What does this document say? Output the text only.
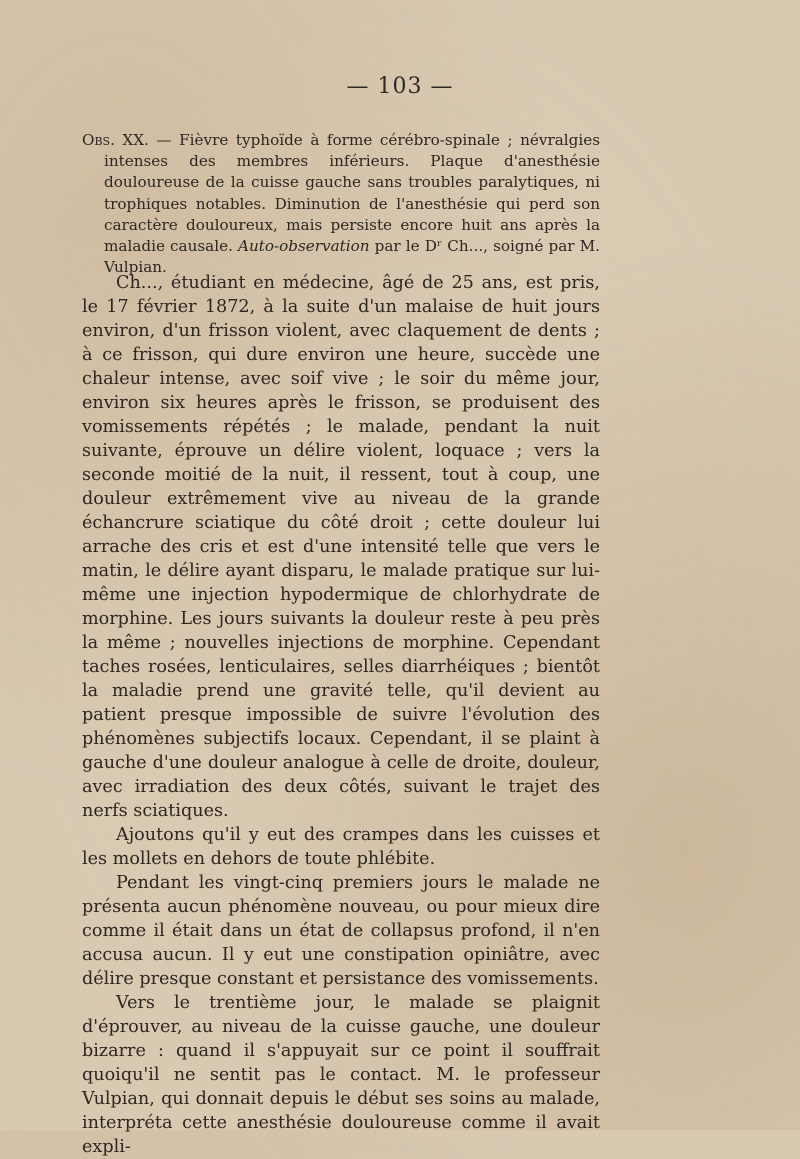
— 103 —

Obs. XX. — Fièvre typhoïde à forme cérébro-spinale ; névralgies intenses des membres inférieurs. Plaque d'anesthésie douloureuse de la cuisse gauche sans troubles paralytiques, ni trophiques notables. Diminution de l'anesthésie qui perd son caractère douloureux, mais persiste encore huit ans après la maladie causale. Auto-observation par le Dʳ Ch..., soigné par M. Vulpian.

Ch..., étudiant en médecine, âgé de 25 ans, est pris, le 17 février 1872, à la suite d'un malaise de huit jours environ, d'un frisson violent, avec claquement de dents ; à ce frisson, qui dure environ une heure, succède une chaleur intense, avec soif vive ; le soir du même jour, environ six heures après le frisson, se produisent des vomissements répétés ; le malade, pendant la nuit suivante, éprouve un délire violent, loquace ; vers la seconde moitié de la nuit, il ressent, tout à coup, une douleur extrêmement vive au niveau de la grande échancrure sciatique du côté droit ; cette douleur lui arrache des cris et est d'une intensité telle que vers le matin, le délire ayant disparu, le malade pratique sur lui-même une injection hypodermique de chlorhydrate de morphine. Les jours suivants la douleur reste à peu près la même ; nouvelles injections de morphine. Cependant taches rosées, lenticulaires, selles diarrhéiques ; bientôt la maladie prend une gravité telle, qu'il devient au patient presque impossible de suivre l'évolution des phénomènes subjectifs locaux. Cependant, il se plaint à gauche d'une douleur analogue à celle de droite, douleur, avec irradiation des deux côtés, suivant le trajet des nerfs sciatiques.

Ajoutons qu'il y eut des crampes dans les cuisses et les mollets en dehors de toute phlébite.

Pendant les vingt-cinq premiers jours le malade ne présenta aucun phénomène nouveau, ou pour mieux dire comme il était dans un état de collapsus profond, il n'en accusa aucun. Il y eut une constipation opiniâtre, avec délire presque constant et persistance des vomissements.

Vers le trentième jour, le malade se plaignit d'éprouver, au niveau de la cuisse gauche, une douleur bizarre : quand il s'appuyait sur ce point il souffrait quoiqu'il ne sentit pas le contact. M. le professeur Vulpian, qui donnait depuis le début ses soins au malade, interpréta cette anesthésie douloureuse comme il avait expli-
